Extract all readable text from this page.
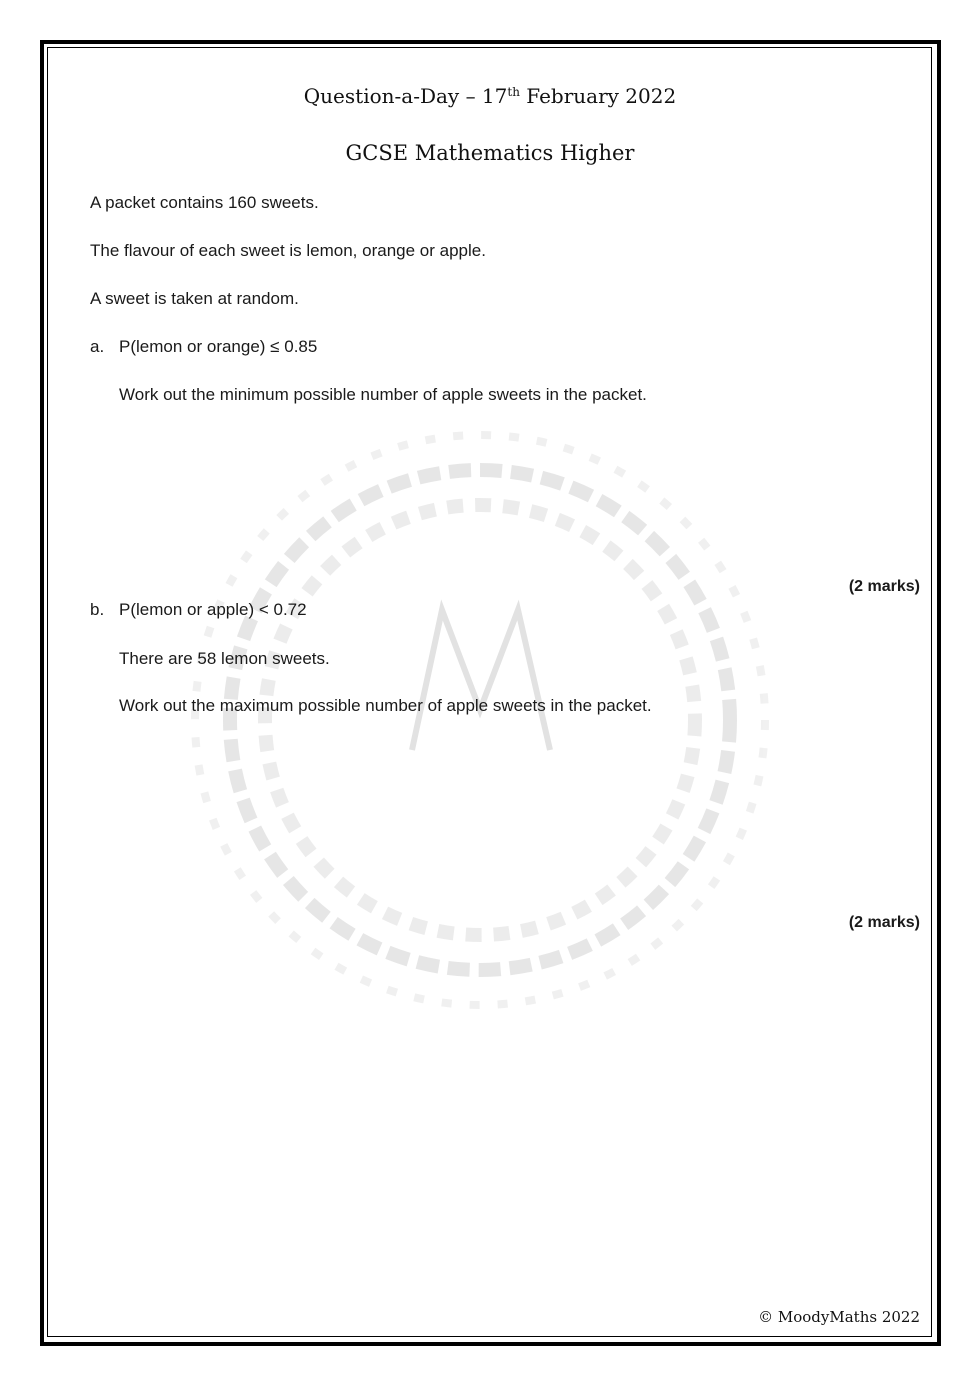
Question-a-Day – 17th February 2022
GCSE Mathematics Higher
A packet contains 160 sweets.
The flavour of each sweet is lemon, orange or apple.
A sweet is taken at random.
a. P(lemon or orange) ≤ 0.85
Work out the minimum possible number of apple sweets in the packet.
(2 marks)
b. P(lemon or apple) < 0.72
There are 58 lemon sweets.
Work out the maximum possible number of apple sweets in the packet.
(2 marks)
© MoodyMaths 2022
